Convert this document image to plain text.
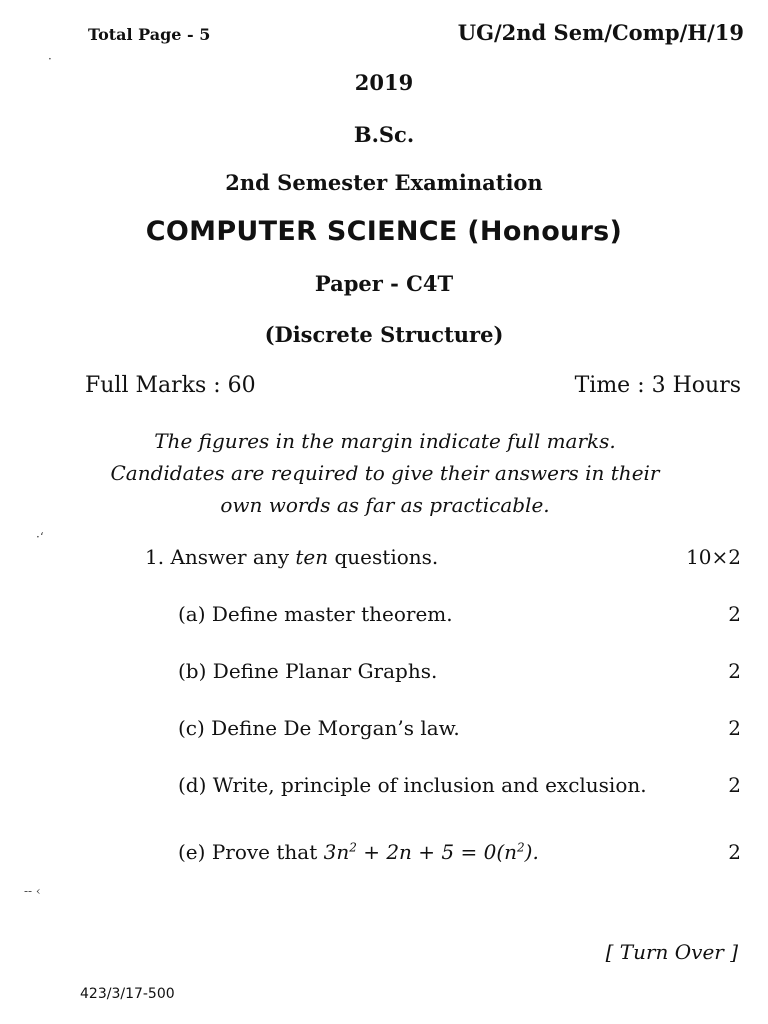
Total Page - 5	UG/2nd Sem/Comp/H/19
2019
B.Sc.
2nd Semester Examination
COMPUTER SCIENCE (Honours)
Paper - C4T
(Discrete Structure)
Full Marks : 60	Time : 3 Hours
The figures in the margin indicate full marks. Candidates are required to give their answers in their own words as far as practicable.
1. Answer any ten questions.	10×2
(a) Define master theorem.	2
(b) Define Planar Graphs.	2
(c) Define De Morgan’s law.	2
(d) Write, principle of inclusion and exclusion.	2
(e) Prove that $3n^2 + 2n + 5 = 0(n^2)$.	2
[ Turn Over ]
423/3/17-500
·
·‘
-- ‹
